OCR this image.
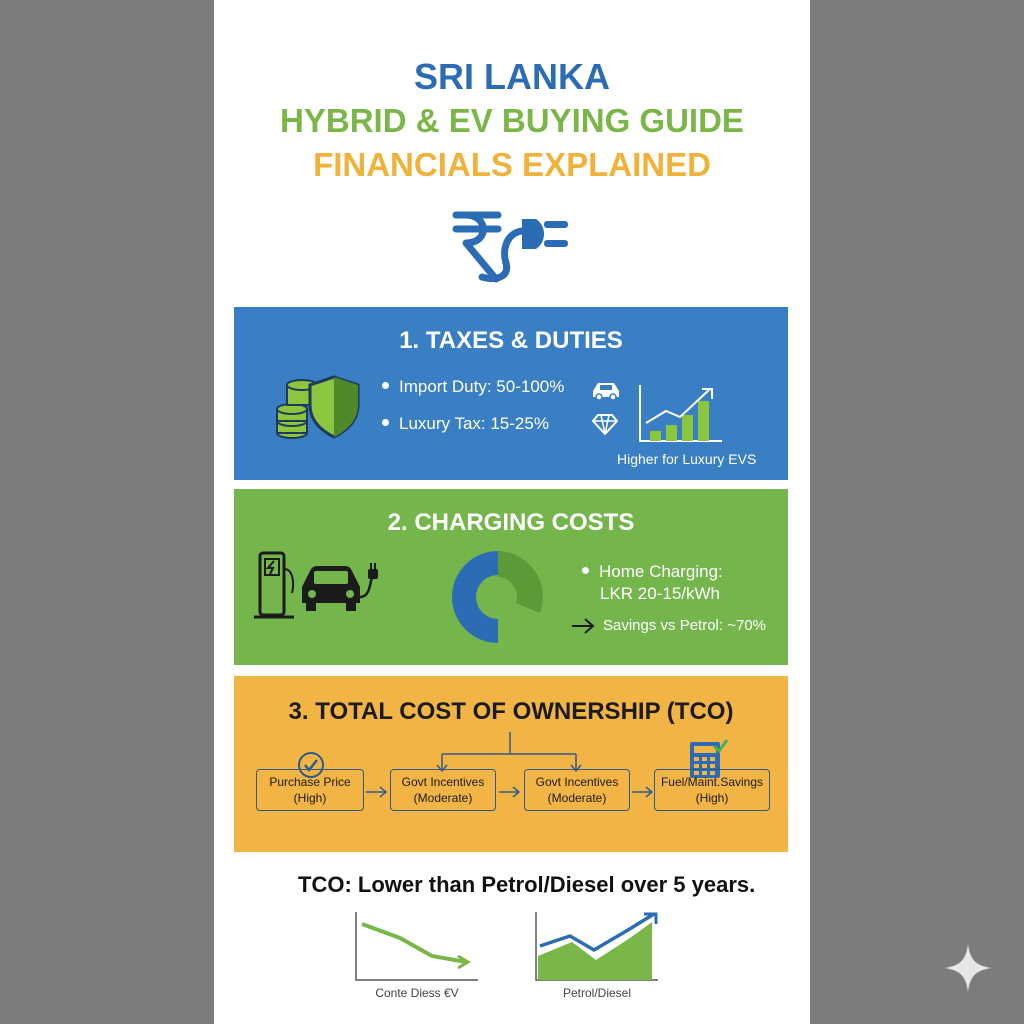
SRI LANKA
HYBRID & EV BUYING GUIDE
FINANCIALS EXPLAINED
1. TAXES & DUTIES
Import Duty: 50-100%
Luxury Tax: 15-25%
Higher for Luxury EVS
2. CHARGING COSTS
Home Charging:
LKR 20-15/kWh
Savings vs Petrol: ~70%
3. TOTAL COST OF OWNERSHIP (TCO)
Purchase Price
(High)
Govt Incentives
(Moderate)
Govt Incentives
(Moderate)
Fuel/Maint.Savings
(High)
TCO: Lower than Petrol/Diesel over 5 years.
Conte Diess €V	Petrol/Diesel
